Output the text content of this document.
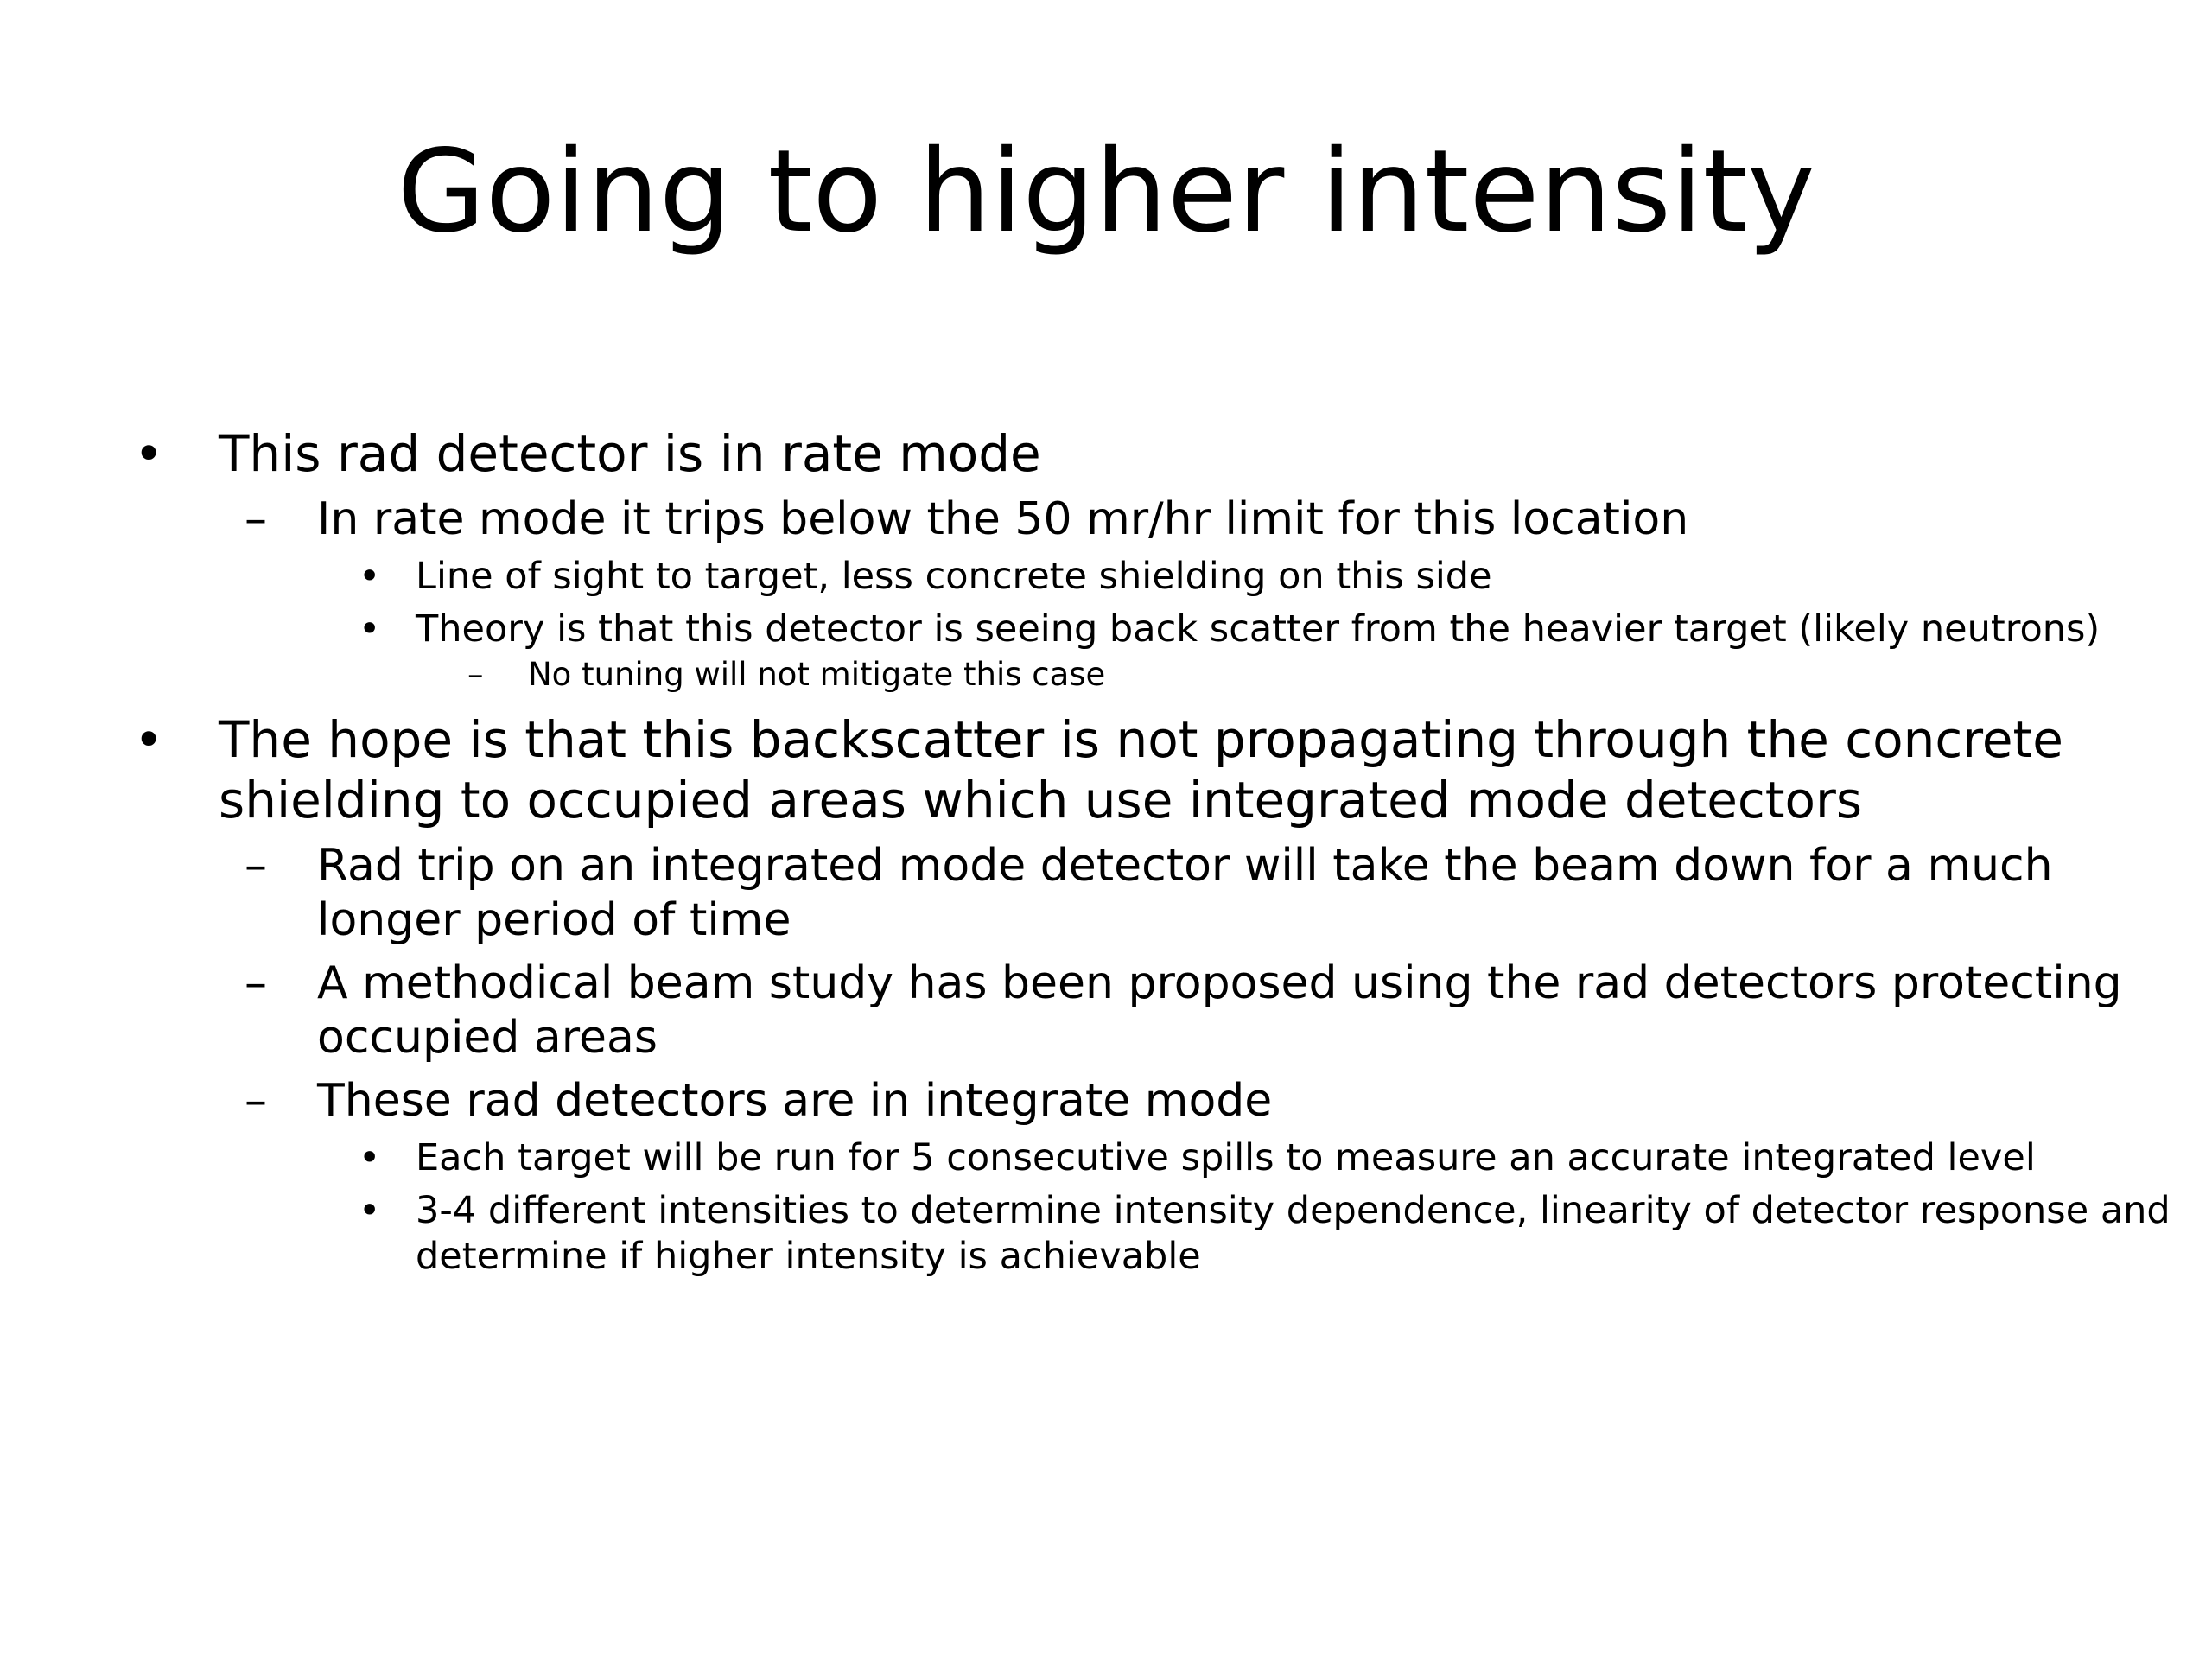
Going to higher intensity
• This rad detector is in rate mode
– In rate mode it trips below the 50 mr/hr limit for this location
• Line of sight to target, less concrete shielding on this side
• Theory is that this detector is seeing back scatter from the heavier target (likely neutrons)
– No tuning will not mitigate this case
• The hope is that this backscatter is not propagating through the concrete shielding to occupied areas which use integrated mode detectors
– Rad trip on an integrated mode detector will take the beam down for a much longer period of time
– A methodical beam study has been proposed using the rad detectors protecting occupied areas
– These rad detectors are in integrate mode
• Each target will be run for 5 consecutive spills to measure an accurate integrated level
• 3-4 different intensities to determine intensity dependence, linearity of detector response and determine if higher intensity is achievable
